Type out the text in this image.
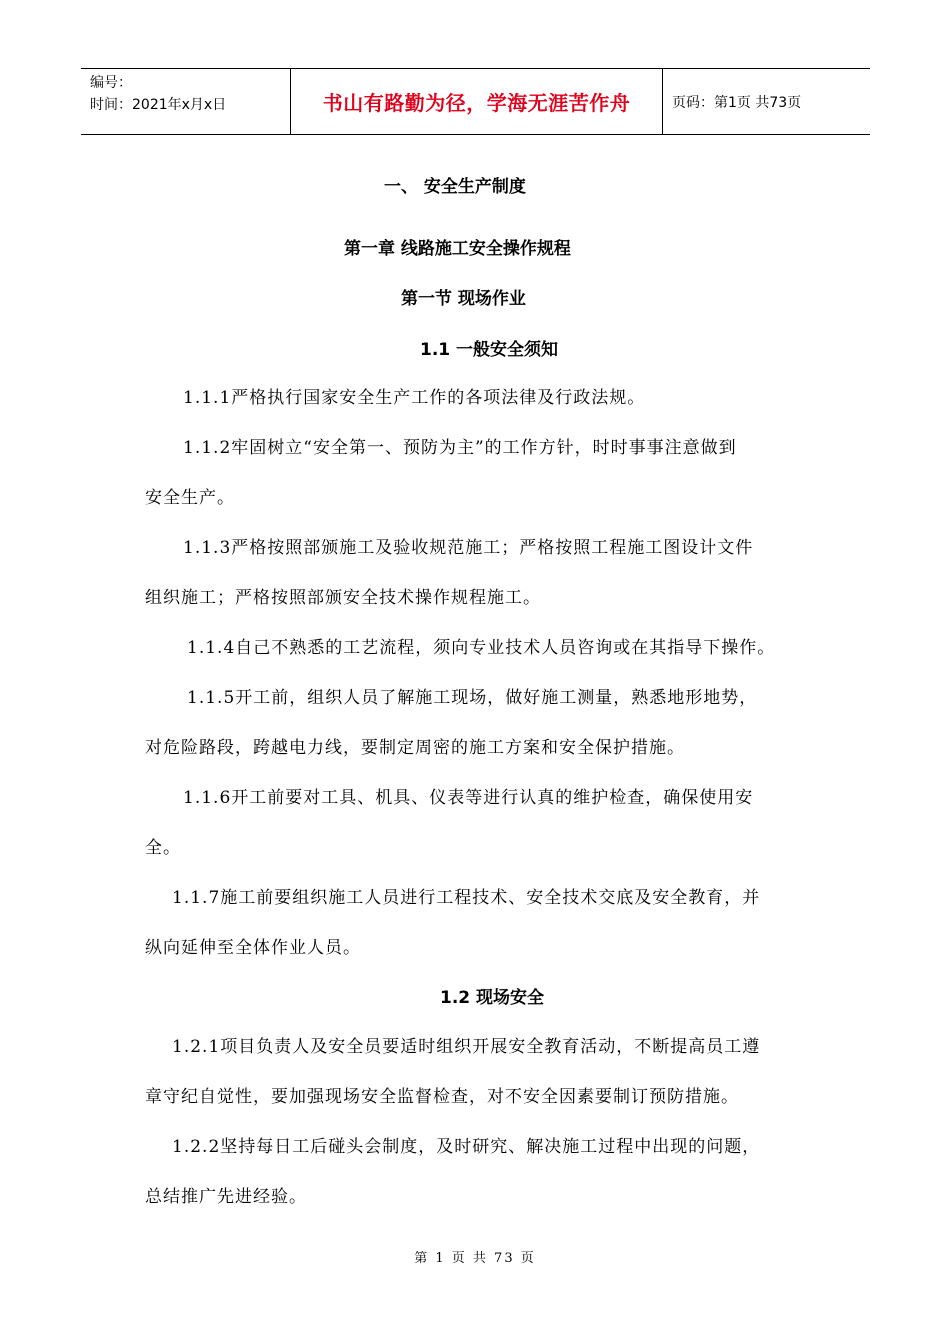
编号：
时间：2021年x月x日	书山有路勤为径，学海无涯苦作舟	页码：第1页 共73页
一、 安全生产制度
第一章 线路施工安全操作规程
第一节 现场作业
1.1 一般安全须知
1.1.1严格执行国家安全生产工作的各项法律及行政法规。
1.1.2牢固树立“安全第一、预防为主”的工作方针，时时事事注意做到
安全生产。
1.1.3严格按照部颁施工及验收规范施工；严格按照工程施工图设计文件
组织施工；严格按照部颁安全技术操作规程施工。
1.1.4自己不熟悉的工艺流程，须向专业技术人员咨询或在其指导下操作。
1.1.5开工前，组织人员了解施工现场，做好施工测量，熟悉地形地势，
对危险路段，跨越电力线，要制定周密的施工方案和安全保护措施。
1.1.6开工前要对工具、机具、仪表等进行认真的维护检查，确保使用安
全。
1.1.7施工前要组织施工人员进行工程技术、安全技术交底及安全教育，并
纵向延伸至全体作业人员。
1.2 现场安全
1.2.1项目负责人及安全员要适时组织开展安全教育活动，不断提高员工遵
章守纪自觉性，要加强现场安全监督检查，对不安全因素要制订预防措施。
1.2.2坚持每日工后碰头会制度，及时研究、解决施工过程中出现的问题，
总结推广先进经验。
第 1 页 共 73 页
